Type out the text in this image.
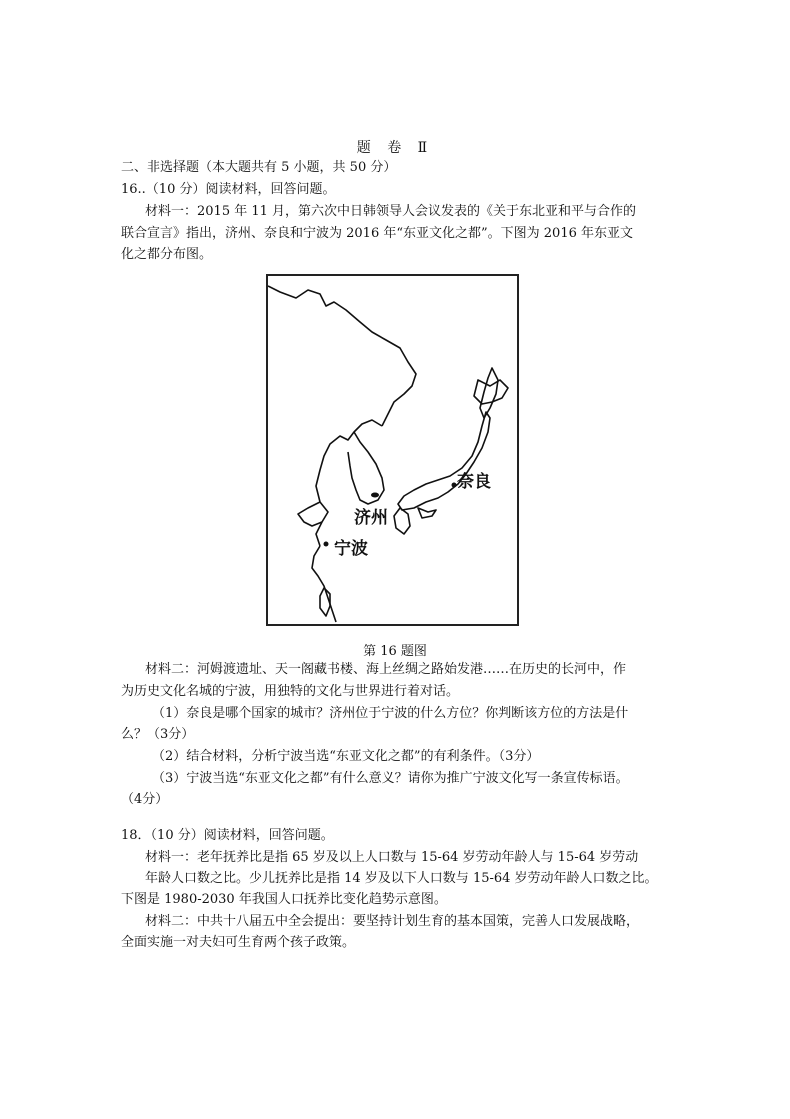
题 卷 Ⅱ
二、非选择题（本大题共有 5 小题，共 50 分）
16..（10 分）阅读材料，回答问题。
材料一：2015 年 11 月，第六次中日韩领导人会议发表的《关于东北亚和平与合作的
联合宣言》指出，济州、奈良和宁波为 2016 年“东亚文化之都”。下图为 2016 年东亚文
化之都分布图。
奈良
济州
宁波
第 16 题图
材料二：河姆渡遗址、天一阁藏书楼、海上丝绸之路始发港……在历史的长河中，作
为历史文化名城的宁波，用独特的文化与世界进行着对话。
（1）奈良是哪个国家的城市？济州位于宁波的什么方位？你判断该方位的方法是什
么？（3分）
（2）结合材料，分析宁波当选“东亚文化之都”的有利条件。（3分）
（3）宁波当选“东亚文化之都”有什么意义？请你为推广宁波文化写一条宣传标语。
（4分）
18．（10 分）阅读材料，回答问题。
材料一：老年抚养比是指 65 岁及以上人口数与 15-64 岁劳动年龄人与 15-64 岁劳动
年龄人口数之比。少儿抚养比是指 14 岁及以下人口数与 15-64 岁劳动年龄人口数之比。
下图是 1980-2030 年我国人口抚养比变化趋势示意图。
材料二：中共十八届五中全会提出：要坚持计划生育的基本国策，完善人口发展战略，
全面实施一对夫妇可生育两个孩子政策。
